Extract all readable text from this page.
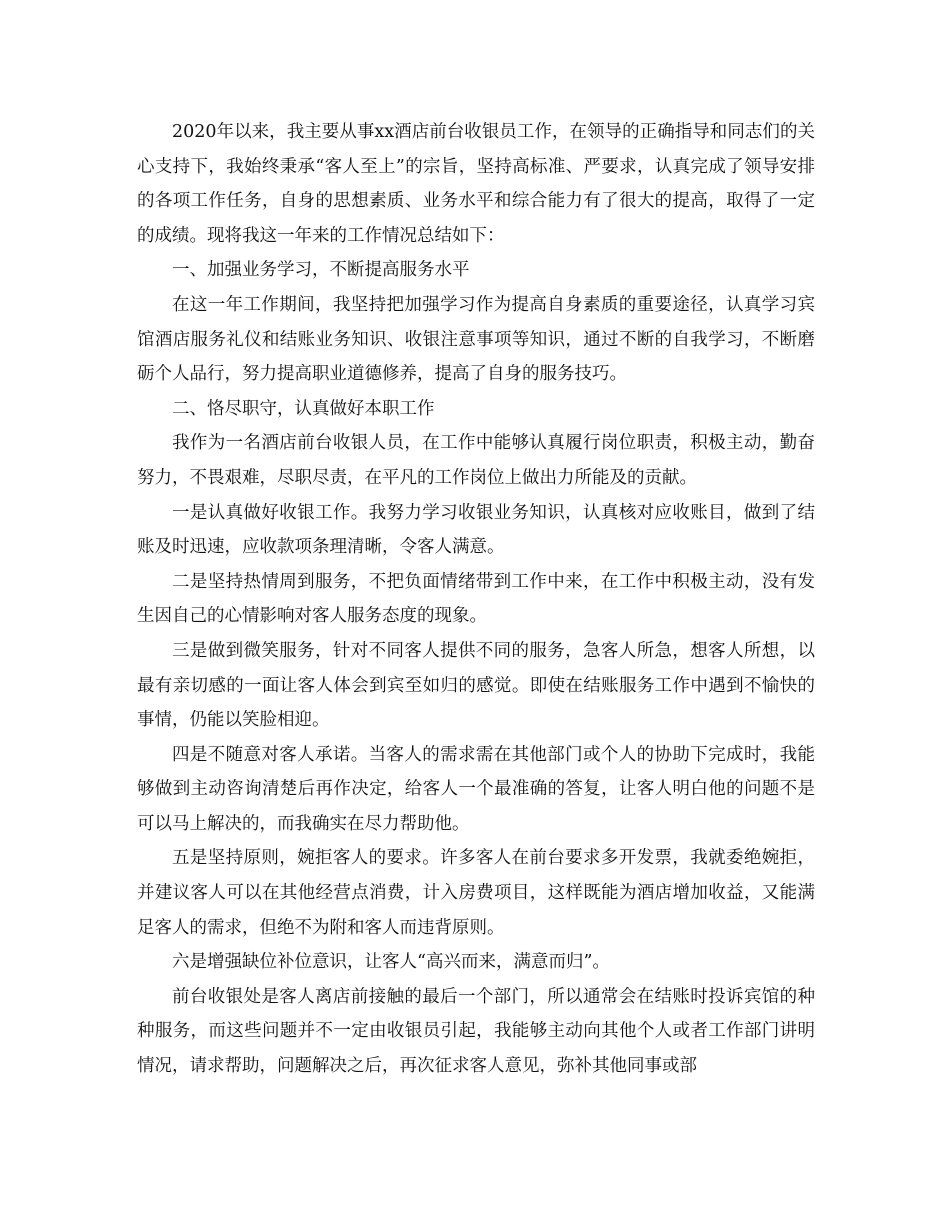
2020年以来，我主要从事xx酒店前台收银员工作，在领导的正确指导和同志们的关心支持下，我始终秉承“客人至上”的宗旨，坚持高标准、严要求，认真完成了领导安排的各项工作任务，自身的思想素质、业务水平和综合能力有了很大的提高，取得了一定的成绩。现将我这一年来的工作情况总结如下：

一、加强业务学习，不断提高服务水平

在这一年工作期间，我坚持把加强学习作为提高自身素质的重要途径，认真学习宾馆酒店服务礼仪和结账业务知识、收银注意事项等知识，通过不断的自我学习，不断磨砺个人品行，努力提高职业道德修养，提高了自身的服务技巧。

二、恪尽职守，认真做好本职工作

我作为一名酒店前台收银人员，在工作中能够认真履行岗位职责，积极主动，勤奋努力，不畏艰难，尽职尽责，在平凡的工作岗位上做出力所能及的贡献。

一是认真做好收银工作。我努力学习收银业务知识，认真核对应收账目，做到了结账及时迅速，应收款项条理清晰，令客人满意。

二是坚持热情周到服务，不把负面情绪带到工作中来，在工作中积极主动，没有发生因自己的心情影响对客人服务态度的现象。

三是做到微笑服务，针对不同客人提供不同的服务，急客人所急，想客人所想，以最有亲切感的一面让客人体会到宾至如归的感觉。即使在结账服务工作中遇到不愉快的事情，仍能以笑脸相迎。

四是不随意对客人承诺。当客人的需求需在其他部门或个人的协助下完成时，我能够做到主动咨询清楚后再作决定，给客人一个最准确的答复，让客人明白他的问题不是可以马上解决的，而我确实在尽力帮助他。

五是坚持原则，婉拒客人的要求。许多客人在前台要求多开发票，我就委绝婉拒，并建议客人可以在其他经营点消费，计入房费项目，这样既能为酒店增加收益，又能满足客人的需求，但绝不为附和客人而违背原则。

六是增强缺位补位意识，让客人“高兴而来，满意而归”。

前台收银处是客人离店前接触的最后一个部门，所以通常会在结账时投诉宾馆的种种服务，而这些问题并不一定由收银员引起，我能够主动向其他个人或者工作部门讲明情况，请求帮助，问题解决之后，再次征求客人意见，弥补其他同事或部
